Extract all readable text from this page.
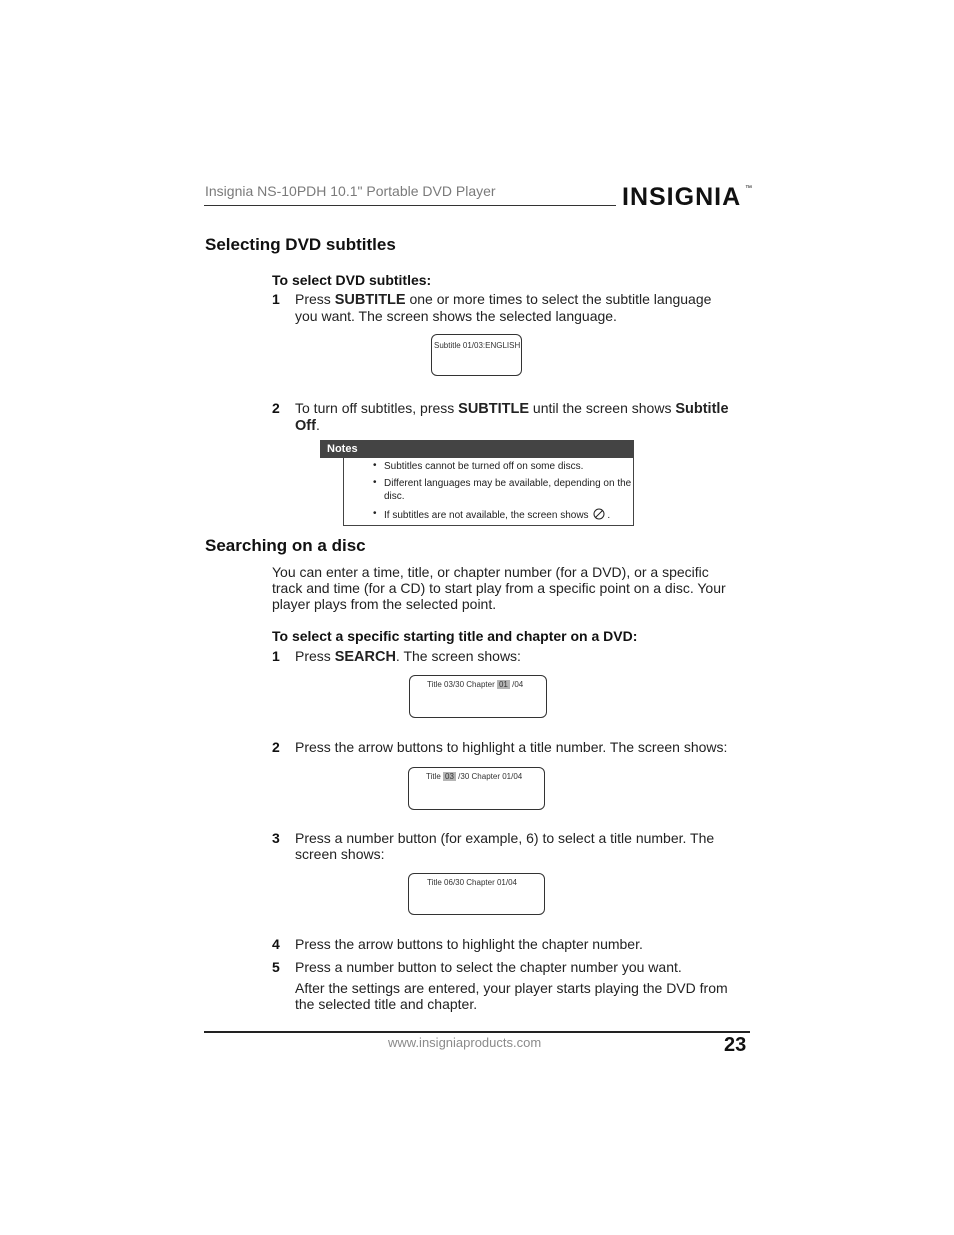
Insignia NS-10PDH 10.1" Portable DVD Player	INSIGNIA ™
Selecting DVD subtitles
To select DVD subtitles:
1 Press SUBTITLE one or more times to select the subtitle language
you want. The screen shows the selected language.
Subtitle 01/03:ENGLISH
2 To turn off subtitles, press SUBTITLE until the screen shows Subtitle
Off.
Notes
• Subtitles cannot be turned off on some discs.
• Different languages may be available, depending on the
disc.
• If subtitles are not available, the screen shows .
Searching on a disc
You can enter a time, title, or chapter number (for a DVD), or a specific
track and time (for a CD) to start play from a specific point on a disc. Your
player plays from the selected point.
To select a specific starting title and chapter on a DVD:
1 Press SEARCH. The screen shows:
Title 03/30 Chapter 01 /04
2 Press the arrow buttons to highlight a title number. The screen shows:
Title 03 /30 Chapter 01/04
3 Press a number button (for example, 6) to select a title number. The
screen shows:
Title 06/30 Chapter 01/04
4 Press the arrow buttons to highlight the chapter number.
5 Press a number button to select the chapter number you want.
After the settings are entered, your player starts playing the DVD from
the selected title and chapter.
www.insigniaproducts.com	23
